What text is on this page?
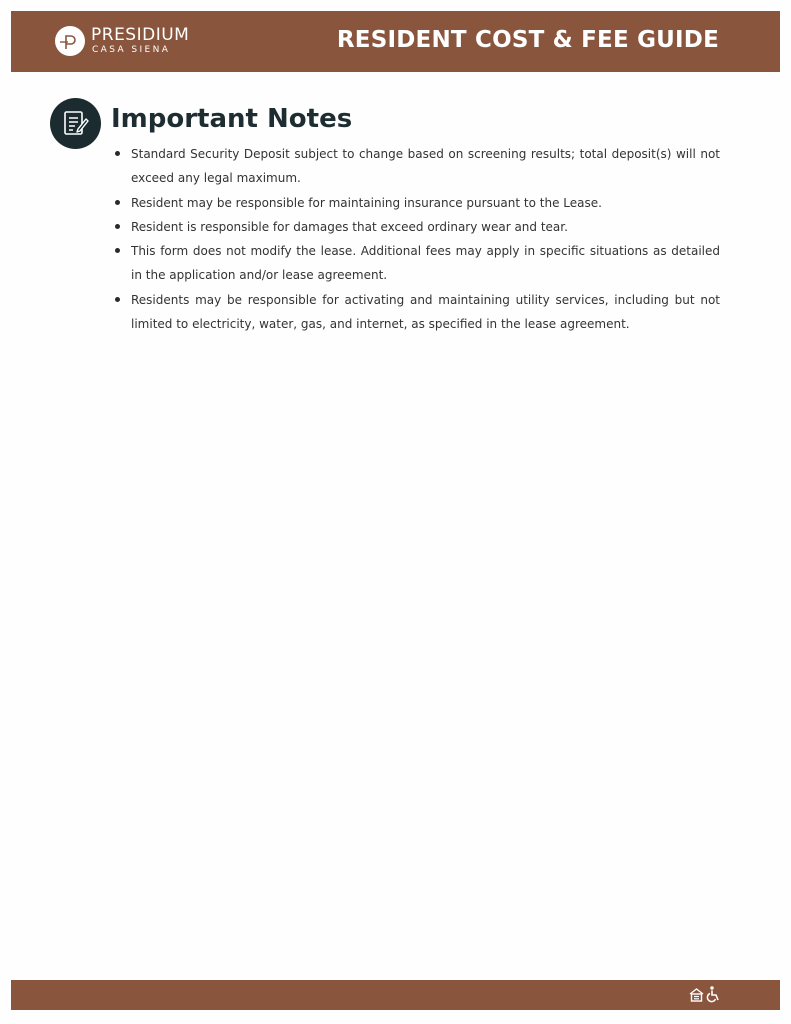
PRESIDIUM
CASA SIENA	RESIDENT COST & FEE GUIDE
Important Notes
Standard Security Deposit subject to change based on screening results; total deposit(s) will not exceed any legal maximum.
Resident may be responsible for maintaining insurance pursuant to the Lease.
Resident is responsible for damages that exceed ordinary wear and tear.
This form does not modify the lease. Additional fees may apply in specific situations as detailed in the application and/or lease agreement.
Residents may be responsible for activating and maintaining utility services, including but not limited to electricity, water, gas, and internet, as specified in the lease agreement.
